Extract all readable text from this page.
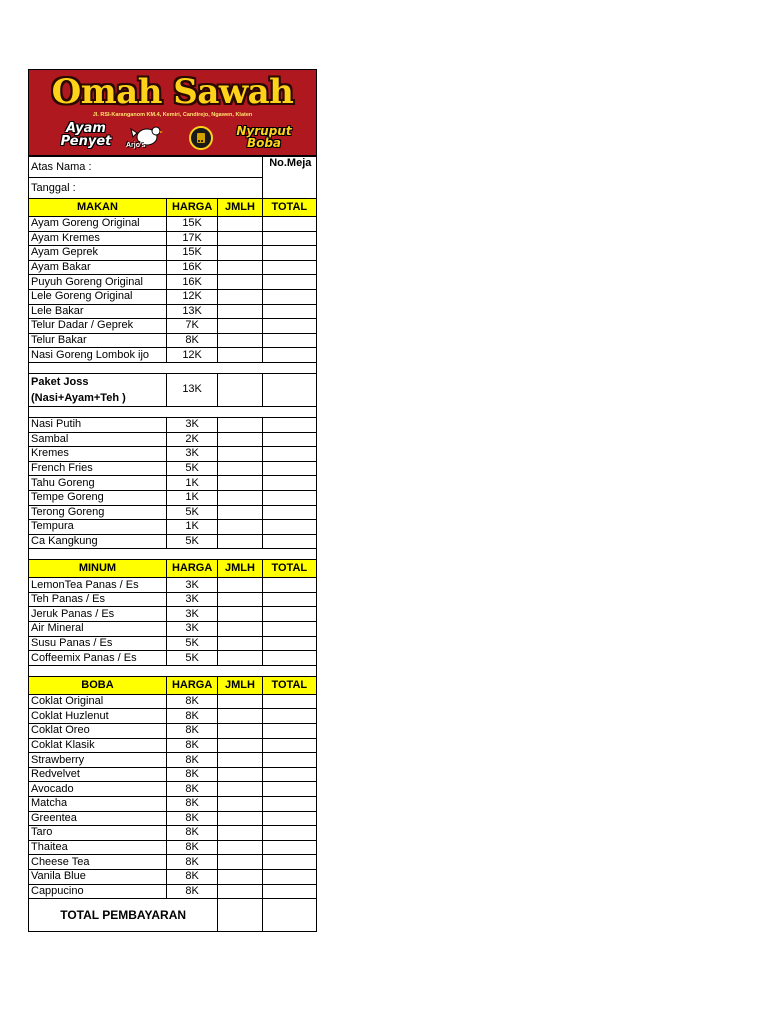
Omah Sawah
Jl. RSI-Karanganom KM.4, Kemiri, Candirejo, Ngawen, Klaten
Ayam
Penyet	Arjo's
Nyruput
Boba
Atas Nama :			No.Meja
Tanggal :			
MAKAN	HARGA	JMLH	TOTAL
Ayam Goreng Original	15K		
Ayam Kremes	17K		
Ayam Geprek	15K		
Ayam Bakar	16K		
Puyuh Goreng Original	16K		
Lele Goreng Original	12K		
Lele Bakar	13K		
Telur Dadar / Geprek	7K		
Telur Bakar	8K		
Nasi Goreng Lombok ijo	12K		

Paket Joss
(Nasi+Ayam+Teh )	13K		

Nasi Putih	3K		
Sambal	2K		
Kremes	3K		
French Fries	5K		
Tahu Goreng	1K		
Tempe Goreng	1K		
Terong Goreng	5K		
Tempura	1K		
Ca Kangkung	5K		

MINUM	HARGA	JMLH	TOTAL
LemonTea Panas / Es	3K		
Teh Panas / Es	3K		
Jeruk Panas / Es	3K		
Air Mineral	3K		
Susu Panas / Es	5K		
Coffeemix Panas / Es	5K		

BOBA	HARGA	JMLH	TOTAL
Coklat Original	8K		
Coklat Huzlenut	8K		
Coklat Oreo	8K		
Coklat Klasik	8K		
Strawberry	8K		
Redvelvet	8K		
Avocado	8K		
Matcha	8K		
Greentea	8K		
Taro	8K		
Thaitea	8K		
Cheese Tea	8K		
Vanila Blue	8K		
Cappucino	8K		
TOTAL PEMBAYARAN			
